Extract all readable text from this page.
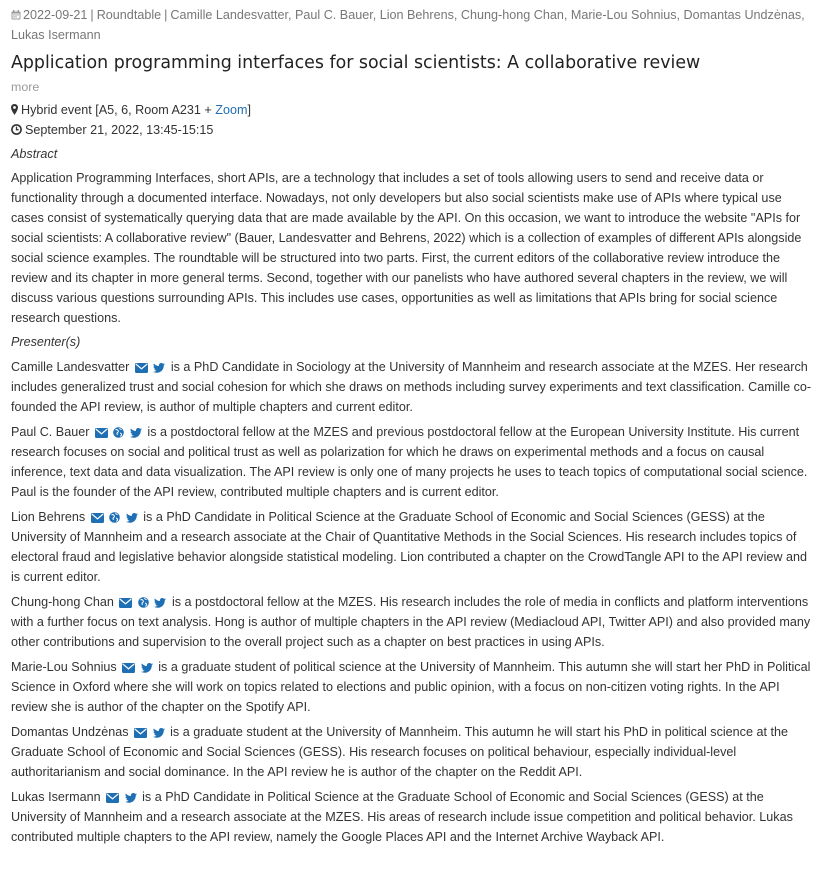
2022-09-21 | Roundtable | Camille Landesvatter, Paul C. Bauer, Lion Behrens, Chung-hong Chan, Marie-Lou Sohnius, Domantas Undzėnas, Lukas Isermann
Application programming interfaces for social scientists: A collaborative review
more
Hybrid event [A5, 6, Room A231 + Zoom]
September 21, 2022, 13:45-15:15
Abstract
Application Programming Interfaces, short APIs, are a technology that includes a set of tools allowing users to send and receive data or functionality through a documented interface. Nowadays, not only developers but also social scientists make use of APIs where typical use cases consist of systematically querying data that are made available by the API. On this occasion, we want to introduce the website "APIs for social scientists: A collaborative review" (Bauer, Landesvatter and Behrens, 2022) which is a collection of examples of different APIs alongside social science examples. The roundtable will be structured into two parts. First, the current editors of the collaborative review introduce the review and its chapter in more general terms. Second, together with our panelists who have authored several chapters in the review, we will discuss various questions surrounding APIs. This includes use cases, opportunities as well as limitations that APIs bring for social science research questions.
Presenter(s)
Camille Landesvatter	is a PhD Candidate in Sociology at the University of Mannheim and research associate at the MZES. Her research includes generalized trust and social cohesion for which she draws on methods including survey experiments and text classification. Camille co-founded the API review, is author of multiple chapters and current editor.
Paul C. Bauer	is a postdoctoral fellow at the MZES and previous postdoctoral fellow at the European University Institute. His current research focuses on social and political trust as well as polarization for which he draws on experimental methods and a focus on causal inference, text data and data visualization. The API review is only one of many projects he uses to teach topics of computational social science. Paul is the founder of the API review, contributed multiple chapters and is current editor.
Lion Behrens	is a PhD Candidate in Political Science at the Graduate School of Economic and Social Sciences (GESS) at the University of Mannheim and a research associate at the Chair of Quantitative Methods in the Social Sciences. His research includes topics of electoral fraud and legislative behavior alongside statistical modeling. Lion contributed a chapter on the CrowdTangle API to the API review and is current editor.
Chung-hong Chan	is a postdoctoral fellow at the MZES. His research includes the role of media in conflicts and platform interventions with a further focus on text analysis. Hong is author of multiple chapters in the API review (Mediacloud API, Twitter API) and also provided many other contributions and supervision to the overall project such as a chapter on best practices in using APIs.
Marie-Lou Sohnius	is a graduate student of political science at the University of Mannheim. This autumn she will start her PhD in Political Science in Oxford where she will work on topics related to elections and public opinion, with a focus on non-citizen voting rights. In the API review she is author of the chapter on the Spotify API.
Domantas Undzėnas	is a graduate student at the University of Mannheim. This autumn he will start his PhD in political science at the Graduate School of Economic and Social Sciences (GESS). His research focuses on political behaviour, especially individual-level authoritarianism and social dominance. In the API review he is author of the chapter on the Reddit API.
Lukas Isermann	is a PhD Candidate in Political Science at the Graduate School of Economic and Social Sciences (GESS) at the University of Mannheim and a research associate at the MZES. His areas of research include issue competition and political behavior. Lukas contributed multiple chapters to the API review, namely the Google Places API and the Internet Archive Wayback API.
